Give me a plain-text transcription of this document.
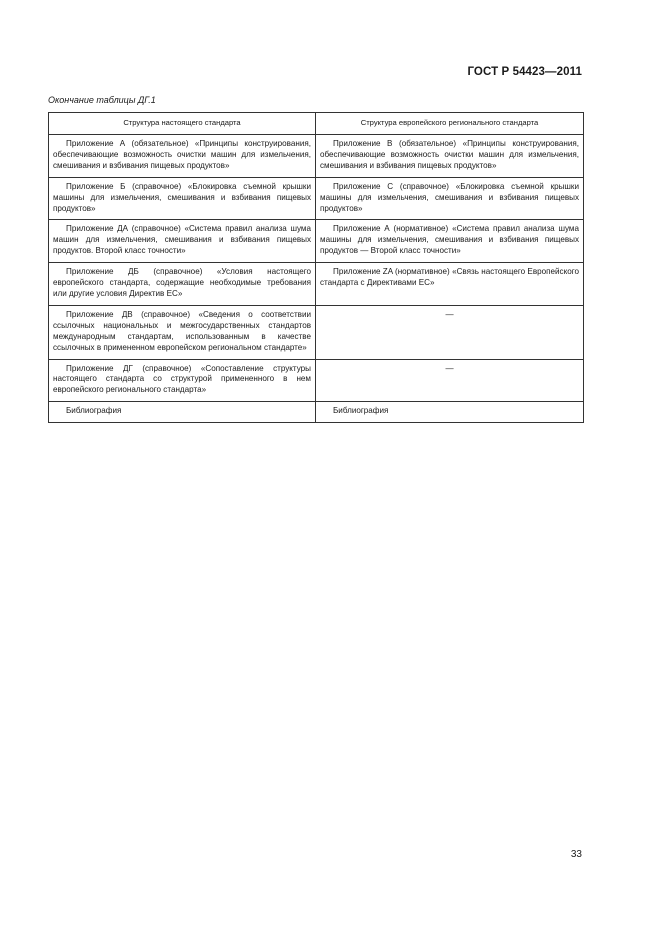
ГОСТ Р 54423—2011
Окончание таблицы ДГ.1
Структура настоящего стандарта	Структура европейского регионального стандарта
Приложение А (обязательное) «Принципы конструирования, обеспечивающие возможность очистки машин для измельчения, смешивания и взбивания пищевых продуктов»	Приложение В (обязательное) «Принципы конструирования, обеспечивающие возможность очистки машин для измельчения, смешивания и взбивания пищевых продуктов»
Приложение Б (справочное) «Блокировка съемной крышки машины для измельчения, смешивания и взбивания пищевых продуктов»	Приложение С (справочное) «Блокировка съемной крышки машины для измельчения, смешивания и взбивания пищевых продуктов»
Приложение ДА (справочное) «Система правил анализа шума машин для измельчения, смешивания и взбивания пищевых продуктов. Второй класс точности»	Приложение А (нормативное) «Система правил анализа шума машины для измельчения, смешивания и взбивания пищевых продуктов — Второй класс точности»
Приложение ДБ (справочное) «Условия настоящего европейского стандарта, содержащие необходимые требования или другие условия Директив ЕС»	Приложение ZA (нормативное) «Связь настоящего Европейского стандарта с Директивами ЕС»
Приложение ДВ (справочное) «Сведения о соответствии ссылочных национальных и межгосударственных стандартов международным стандартам, использованным в качестве ссылочных в примененном европейском региональном стандарте»	—
Приложение ДГ (справочное) «Сопоставление структуры настоящего стандарта со структурой примененного в нем европейского регионального стандарта»	—
Библиография	Библиография
33
